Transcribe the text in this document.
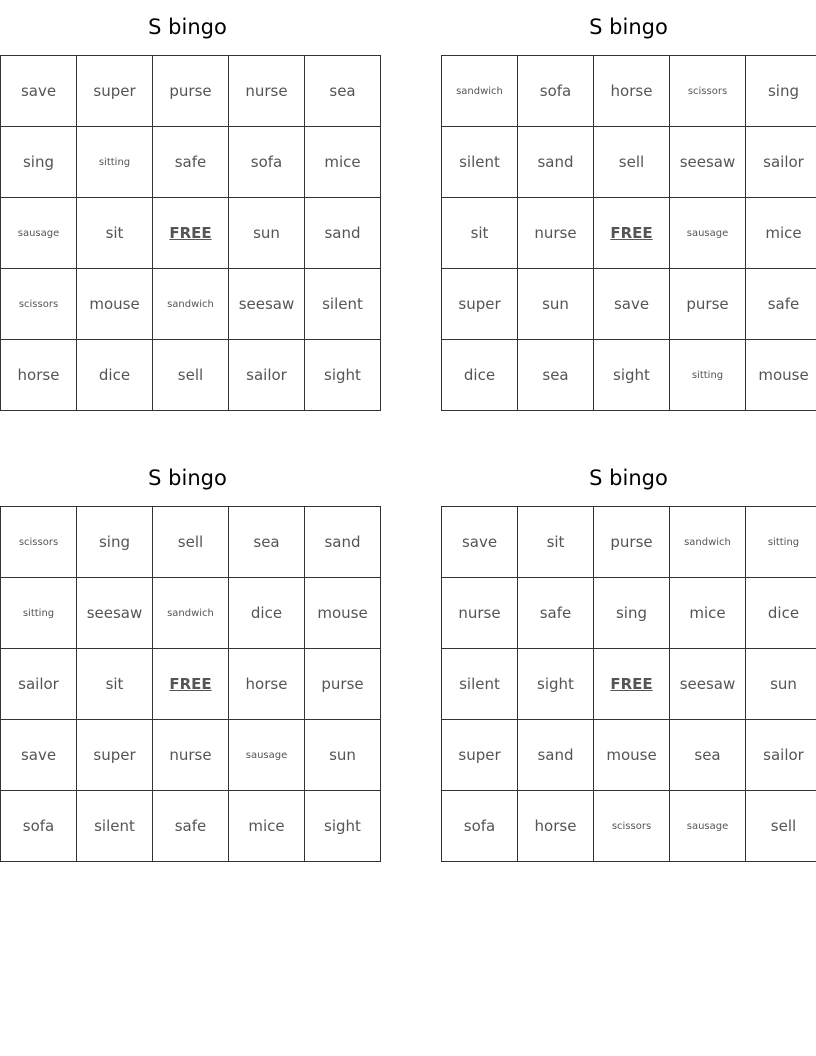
S bingo
save	super	purse	nurse	sea
sing	sitting	safe	sofa	mice
sausage	sit	FREE	sun	sand
scissors	mouse	sandwich	seesaw	silent
horse	dice	sell	sailor	sight
S bingo
sandwich	sofa	horse	scissors	sing
silent	sand	sell	seesaw	sailor
sit	nurse	FREE	sausage	mice
super	sun	save	purse	safe
dice	sea	sight	sitting	mouse
S bingo
scissors	sing	sell	sea	sand
sitting	seesaw	sandwich	dice	mouse
sailor	sit	FREE	horse	purse
save	super	nurse	sausage	sun
sofa	silent	safe	mice	sight
S bingo
save	sit	purse	sandwich	sitting
nurse	safe	sing	mice	dice
silent	sight	FREE	seesaw	sun
super	sand	mouse	sea	sailor
sofa	horse	scissors	sausage	sell
